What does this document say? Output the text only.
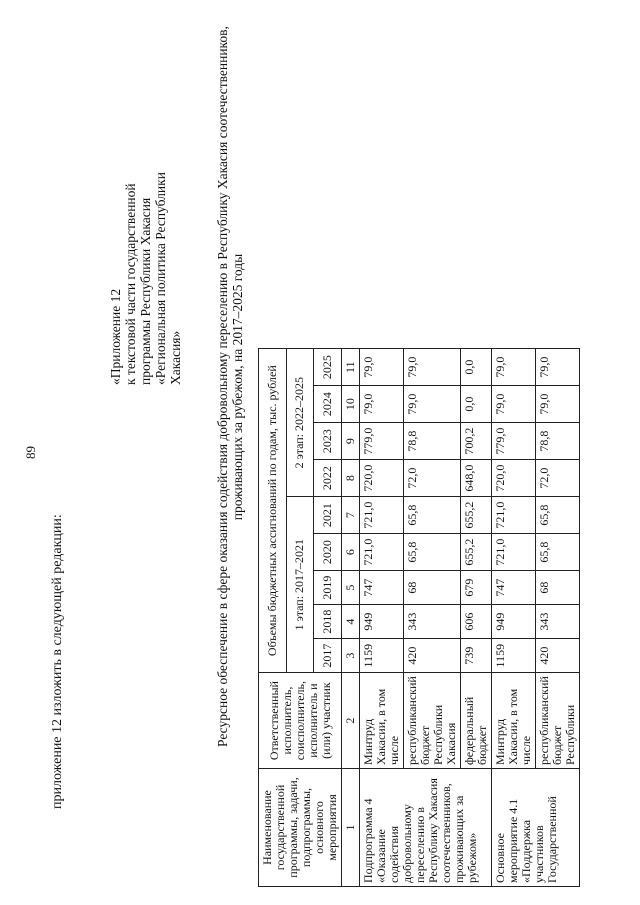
89
приложение 12 изложить в следующей редакции:
«Приложение 12 к текстовой части государственной программы Республики Хакасия «Региональная политика Республики Хакасия» Ресурсное обеспечение в сфере оказания содействия добровольному переселению в Республику Хакасия соотечественников, проживающих за рубежом, на 2017–2025 годы
Наименование государственной программы, задачи, подпрограммы, основного мероприятия	Ответственный исполнитель, соисполнитель, исполнитель и (или) участник	Объемы бюджетных ассигнований по годам, тыс. рублей								
		1 этап: 2017–2021					2 этап: 2022–2025			
		2017	2018	2019	2020	2021	2022	2023	2024	2025
1	2	3	4	5	6	7	8	9	10	11
Подпрограмма 4 «Оказание содействия добровольному переселению в Республику Хакасия соотечественников, проживающих за рубежом»	Минтруд Хакасии, в том числе	1159	949	747	721,0	721,0	720,0	779,0	79,0	79,0
	республиканский бюджет Республики Хакасия	420	343	68	65,8	65,8	72,0	78,8	79,0	79,0
	федеральный бюджет	739	606	679	655,2	655,2	648,0	700,2	0,0	0,0
Основное мероприятие 4.1 «Поддержка участников Государственной	Минтруд Хакасии, в том числе	1159	949	747	721,0	721,0	720,0	779,0	79,0	79,0
	республиканский бюджет Республики	420	343	68	65,8	65,8	72,0	78,8	79,0	79,0
